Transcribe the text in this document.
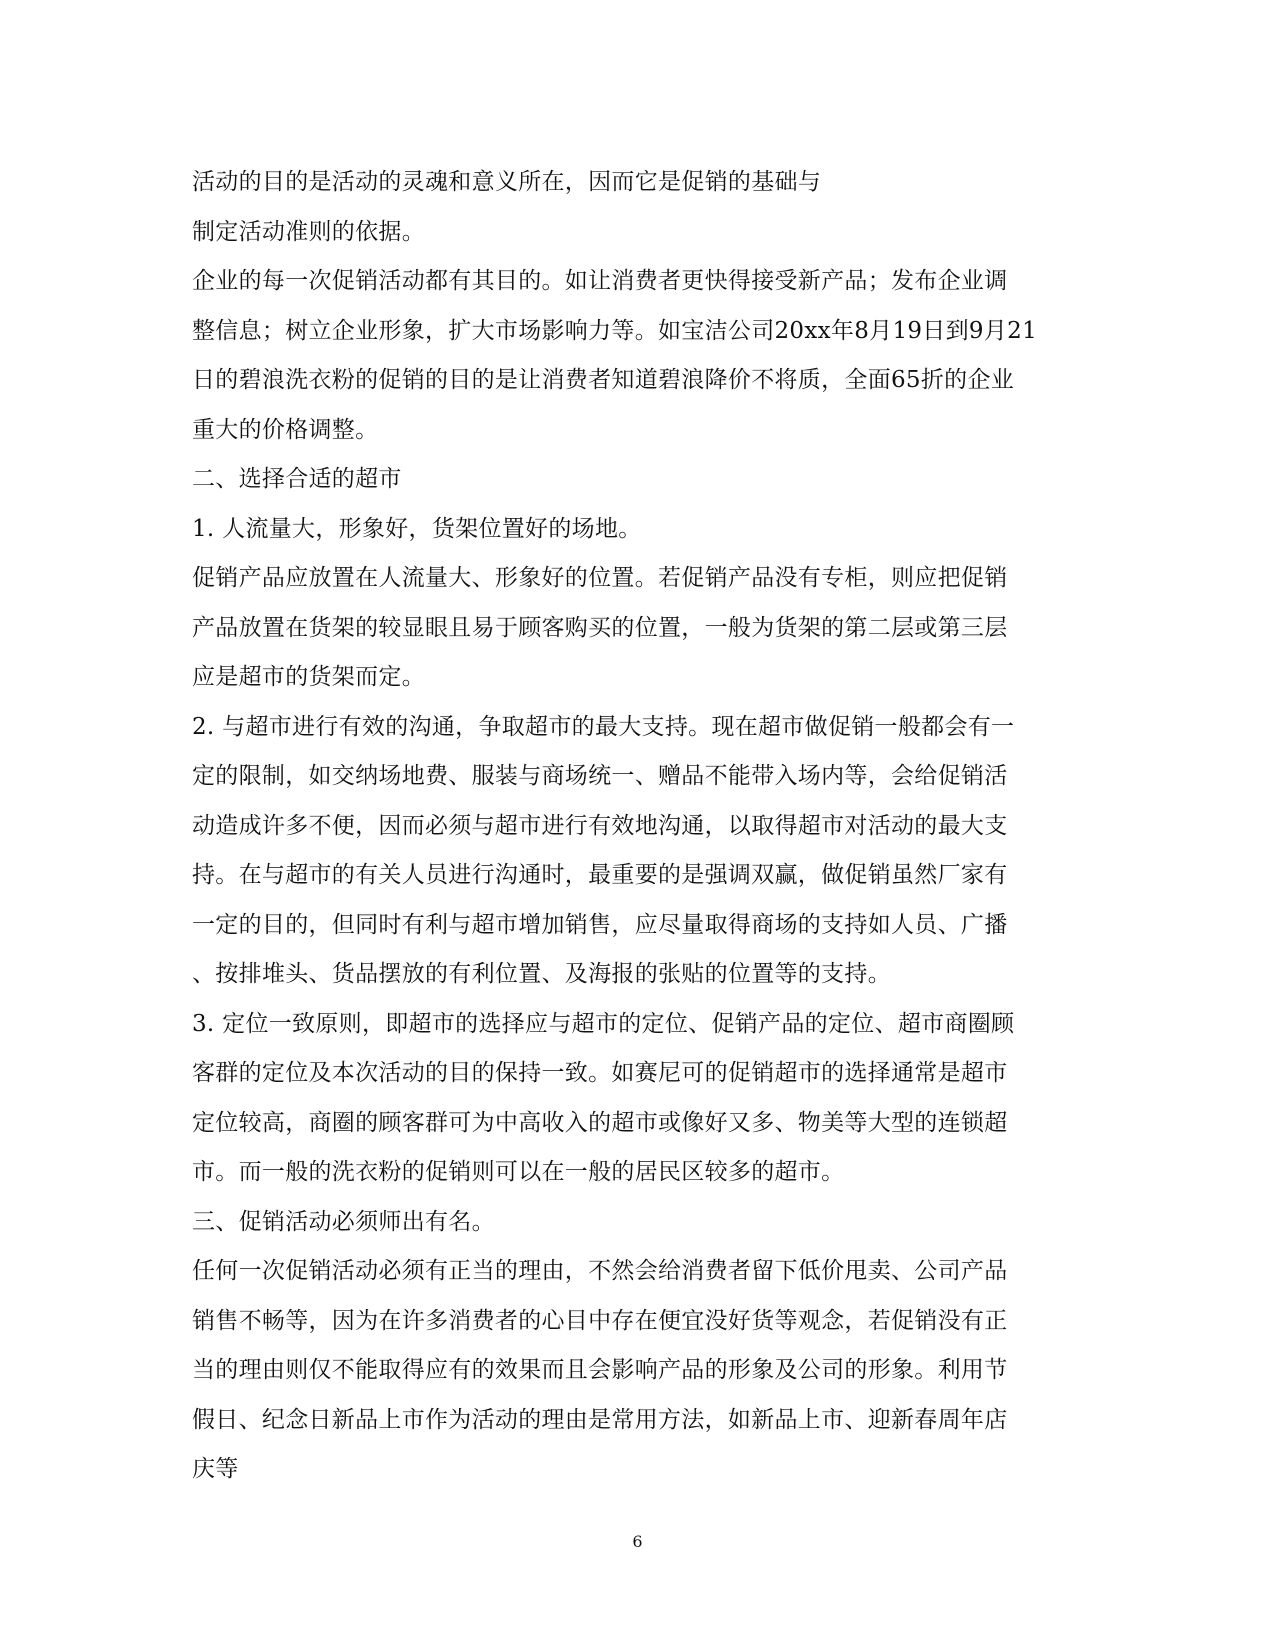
活动的目的是活动的灵魂和意义所在，因而它是促销的基础与
制定活动准则的依据。
企业的每一次促销活动都有其目的。如让消费者更快得接受新产品；发布企业调
整信息；树立企业形象，扩大市场影响力等。如宝洁公司20xx年8月19日到9月21
日的碧浪洗衣粉的促销的目的是让消费者知道碧浪降价不将质，全面65折的企业
重大的价格调整。
二、选择合适的超市
1. 人流量大，形象好，货架位置好的场地。
促销产品应放置在人流量大、形象好的位置。若促销产品没有专柜，则应把促销
产品放置在货架的较显眼且易于顾客购买的位置，一般为货架的第二层或第三层
应是超市的货架而定。
2. 与超市进行有效的沟通，争取超市的最大支持。现在超市做促销一般都会有一
定的限制，如交纳场地费、服装与商场统一、赠品不能带入场内等，会给促销活
动造成许多不便，因而必须与超市进行有效地沟通，以取得超市对活动的最大支
持。在与超市的有关人员进行沟通时，最重要的是强调双赢，做促销虽然厂家有
一定的目的，但同时有利与超市增加销售，应尽量取得商场的支持如人员、广播
、按排堆头、货品摆放的有利位置、及海报的张贴的位置等的支持。
3. 定位一致原则，即超市的选择应与超市的定位、促销产品的定位、超市商圈顾
客群的定位及本次活动的目的保持一致。如赛尼可的促销超市的选择通常是超市
定位较高，商圈的顾客群可为中高收入的超市或像好又多、物美等大型的连锁超
市。而一般的洗衣粉的促销则可以在一般的居民区较多的超市。
三、促销活动必须师出有名。
任何一次促销活动必须有正当的理由，不然会给消费者留下低价甩卖、公司产品
销售不畅等，因为在许多消费者的心目中存在便宜没好货等观念，若促销没有正
当的理由则仅不能取得应有的效果而且会影响产品的形象及公司的形象。利用节
假日、纪念日新品上市作为活动的理由是常用方法，如新品上市、迎新春周年店
庆等
6
